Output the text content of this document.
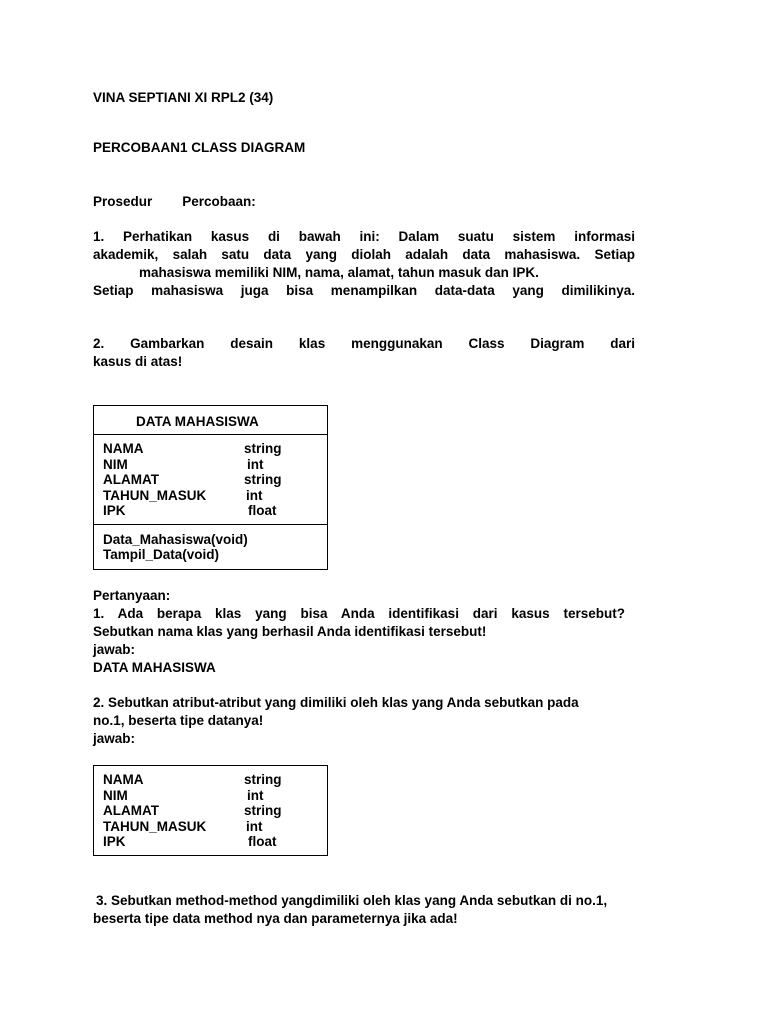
VINA SEPTIANI XI RPL2 (34)
PERCOBAAN1 CLASS DIAGRAM
Prosedur        Percobaan:
1. Perhatikan kasus di bawah ini: Dalam suatu sistem informasi
akademik, salah satu data yang diolah adalah data mahasiswa. Setiap
mahasiswa memiliki NIM, nama, alamat, tahun masuk dan IPK.
Setiap mahasiswa juga bisa menampilkan data-data yang dimilikinya.
2. Gambarkan desain klas menggunakan Class Diagram dari
kasus di atas!
DATA MAHASISWA
NAMA	string
NIM	int
ALAMAT	string
TAHUN_MASUK	int
IPK	float
Data_Mahasiswa(void)
Tampil_Data(void)
Pertanyaan:
1. Ada berapa klas yang bisa Anda identifikasi dari kasus tersebut?
Sebutkan nama klas yang berhasil Anda identifikasi tersebut!
jawab:
DATA MAHASISWA
2. Sebutkan atribut-atribut yang dimiliki oleh klas yang Anda sebutkan pada
no.1, beserta tipe datanya!
jawab:
NAMA	string
NIM	int
ALAMAT	string
TAHUN_MASUK	int
IPK	float
3. Sebutkan method-method yangdimiliki oleh klas yang Anda sebutkan di no.1,
beserta tipe data method nya dan parameternya jika ada!
